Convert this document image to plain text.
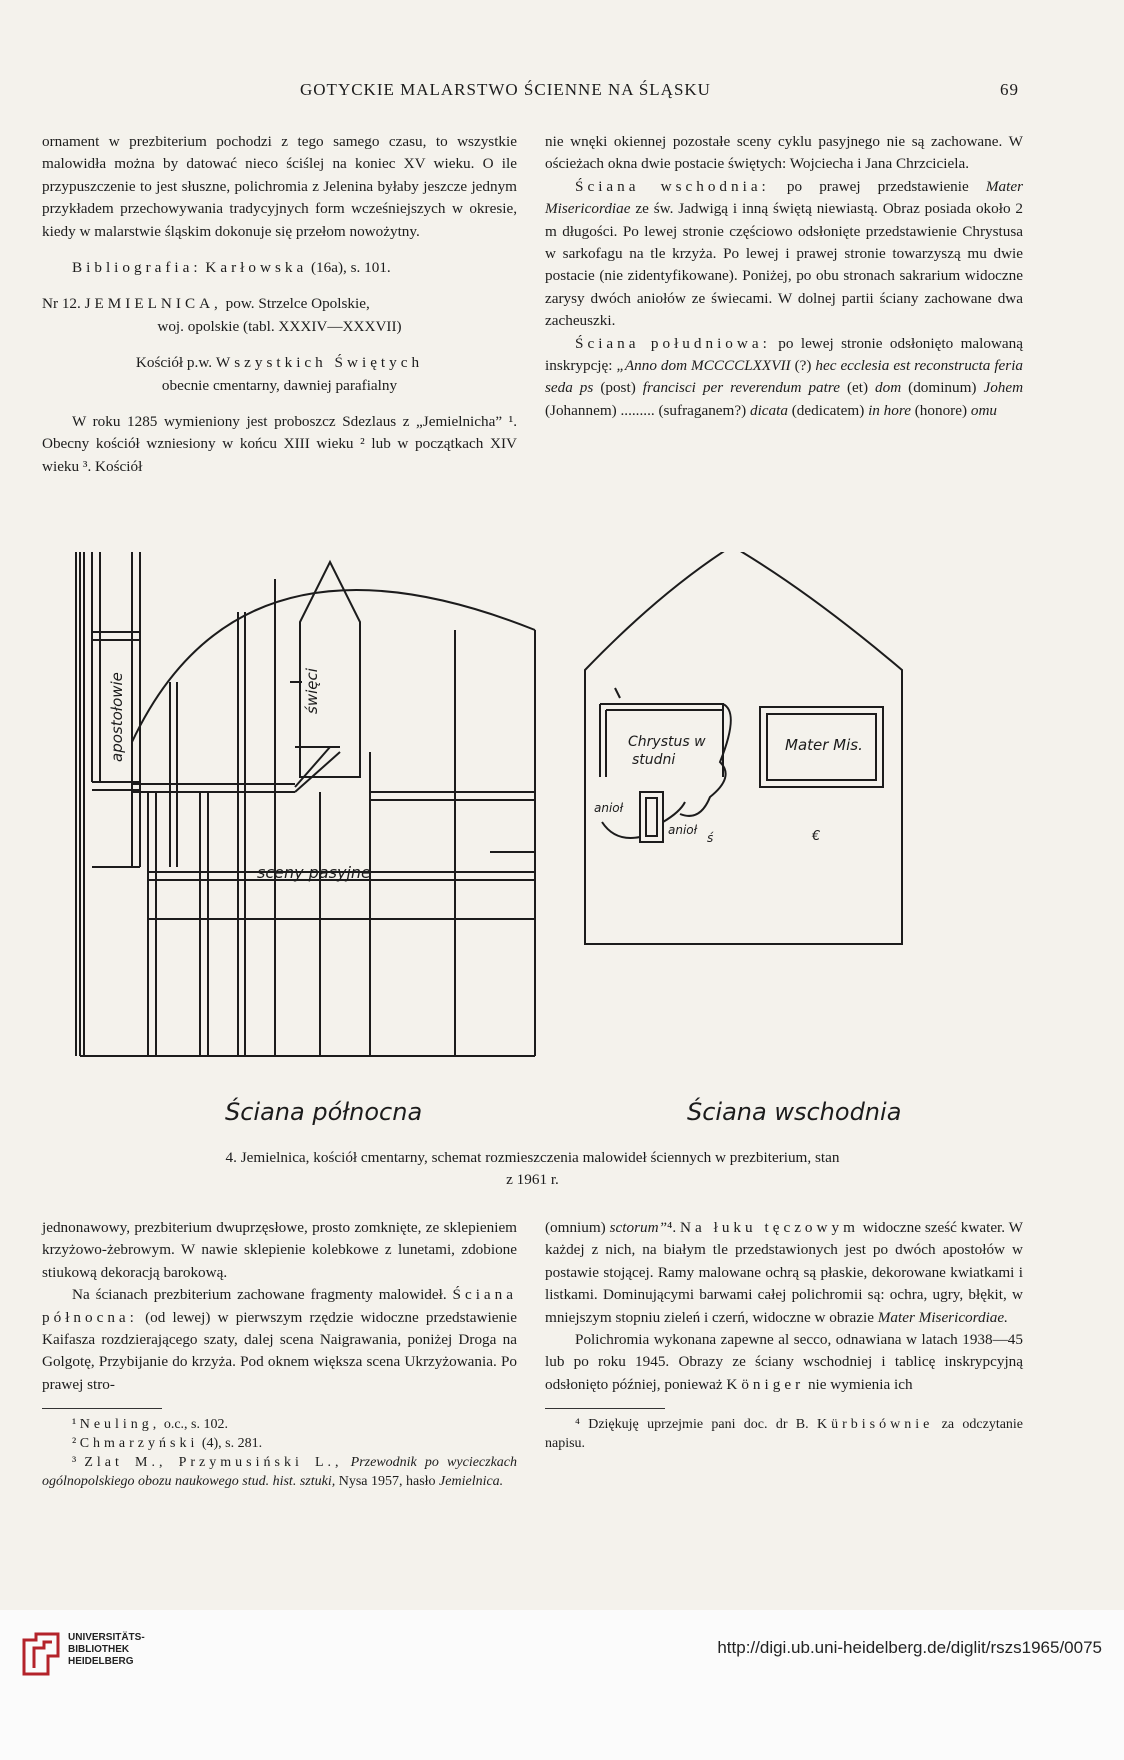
GOTYCKIE MALARSTWO ŚCIENNE NA ŚLĄSKU	69

ornament w prezbiterium pochodzi z tego samego czasu, to wszystkie malowidła można by datować nieco ściślej na koniec XV wieku. O ile przypuszczenie to jest słuszne, polichromia z Jelenina byłaby jeszcze jednym przykładem przechowywania tradycyjnych form wcześniejszych w okresie, kiedy w malarstwie śląskim dokonuje się przełom nowożytny.

Bibliografia: Karłowska (16a), s. 101.

Nr 12. JEMIELNICA, pow. Strzelce Opolskie,

woj. opolskie (tabl. XXXIV—XXXVII)

Kościół p.w. Wszystkich Świętych

obecnie cmentarny, dawniej parafialny

W roku 1285 wymieniony jest proboszcz Sdezlaus z „Jemielnicha” ¹. Obecny kościół wzniesiony w końcu XIII wieku ² lub w początkach XIV wieku ³. Kościół

nie wnęki okiennej pozostałe sceny cyklu pasyjnego nie są zachowane. W ościeżach okna dwie postacie świętych: Wojciecha i Jana Chrzciciela.

Ściana wschodnia: po prawej przedstawienie Mater Misericordiae ze św. Jadwigą i inną świętą niewiastą. Obraz posiada około 2 m długości. Po lewej stronie częściowo odsłonięte przedstawienie Chrystusa w sarkofagu na tle krzyża. Po lewej i prawej stronie towarzyszą mu dwie postacie (nie zidentyfikowane). Poniżej, po obu stronach sakrarium widoczne zarysy dwóch aniołów ze świecami. W dolnej partii ściany zachowane dwa zacheuszki.

Ściana południowa: po lewej stronie odsłonięto malowaną inskrypcję: „Anno dom MCCCCLXXVII (?) hec ecclesia est reconstructa feria seda ps (post) francisci per reverendum patre (et) dom (dominum) Johem (Johannem) ......... (sufraganem?) dicata (dedicatem) in hore (honore) omu

apostołowie	święci
sceny pasyjne
Chrystus w
studni
Mater Mis.
anioł
anioł
ś	€
Ściana północna	Ściana wschodnia
4. Jemielnica, kościół cmentarny, schemat rozmieszczenia malowideł ściennych w prezbiterium, stan
z 1961 r.

jednonawowy, prezbiterium dwuprzęsłowe, prosto zomknięte, ze sklepieniem krzyżowo-żebrowym. W nawie sklepienie kolebkowe z lunetami, zdobione stiukową dekoracją barokową.

Na ścianach prezbiterium zachowane fragmenty malowideł. Ściana północna: (od lewej) w pierwszym rzędzie widoczne przedstawienie Kaifasza rozdzierającego szaty, dalej scena Naigrawania, poniżej Droga na Golgotę, Przybijanie do krzyża. Pod oknem większa scena Ukrzyżowania. Po prawej stro-

¹ Neuling, o.c., s. 102.

² Chmarzyński (4), s. 281.

³ Zlat M., Przymusiński L., Przewodnik po wycieczkach ogólnopolskiego obozu naukowego stud. hist. sztuki, Nysa 1957, hasło Jemielnica.

(omnium) sctorum”⁴. Na łuku tęczowym widoczne sześć kwater. W każdej z nich, na białym tle przedstawionych jest po dwóch apostołów w postawie stojącej. Ramy malowane ochrą są płaskie, dekorowane kwiatkami i listkami. Dominującymi barwami całej polichromii są: ochra, ugry, błękit, w mniejszym stopniu zieleń i czerń, widoczne w obrazie Mater Misericordiae.

Polichromia wykonana zapewne al secco, odnawiana w latach 1938—45 lub po roku 1945. Obrazy ze ściany wschodniej i tablicę inskrypcyjną odsłonięto później, ponieważ Königer nie wymienia ich

⁴ Dziękuję uprzejmie pani doc. dr B. Kürbisównie za odczytanie napisu.

UNIVERSITÄTS-
BIBLIOTHEK
HEIDELBERG
http://digi.ub.uni-heidelberg.de/diglit/rszs1965/0075
